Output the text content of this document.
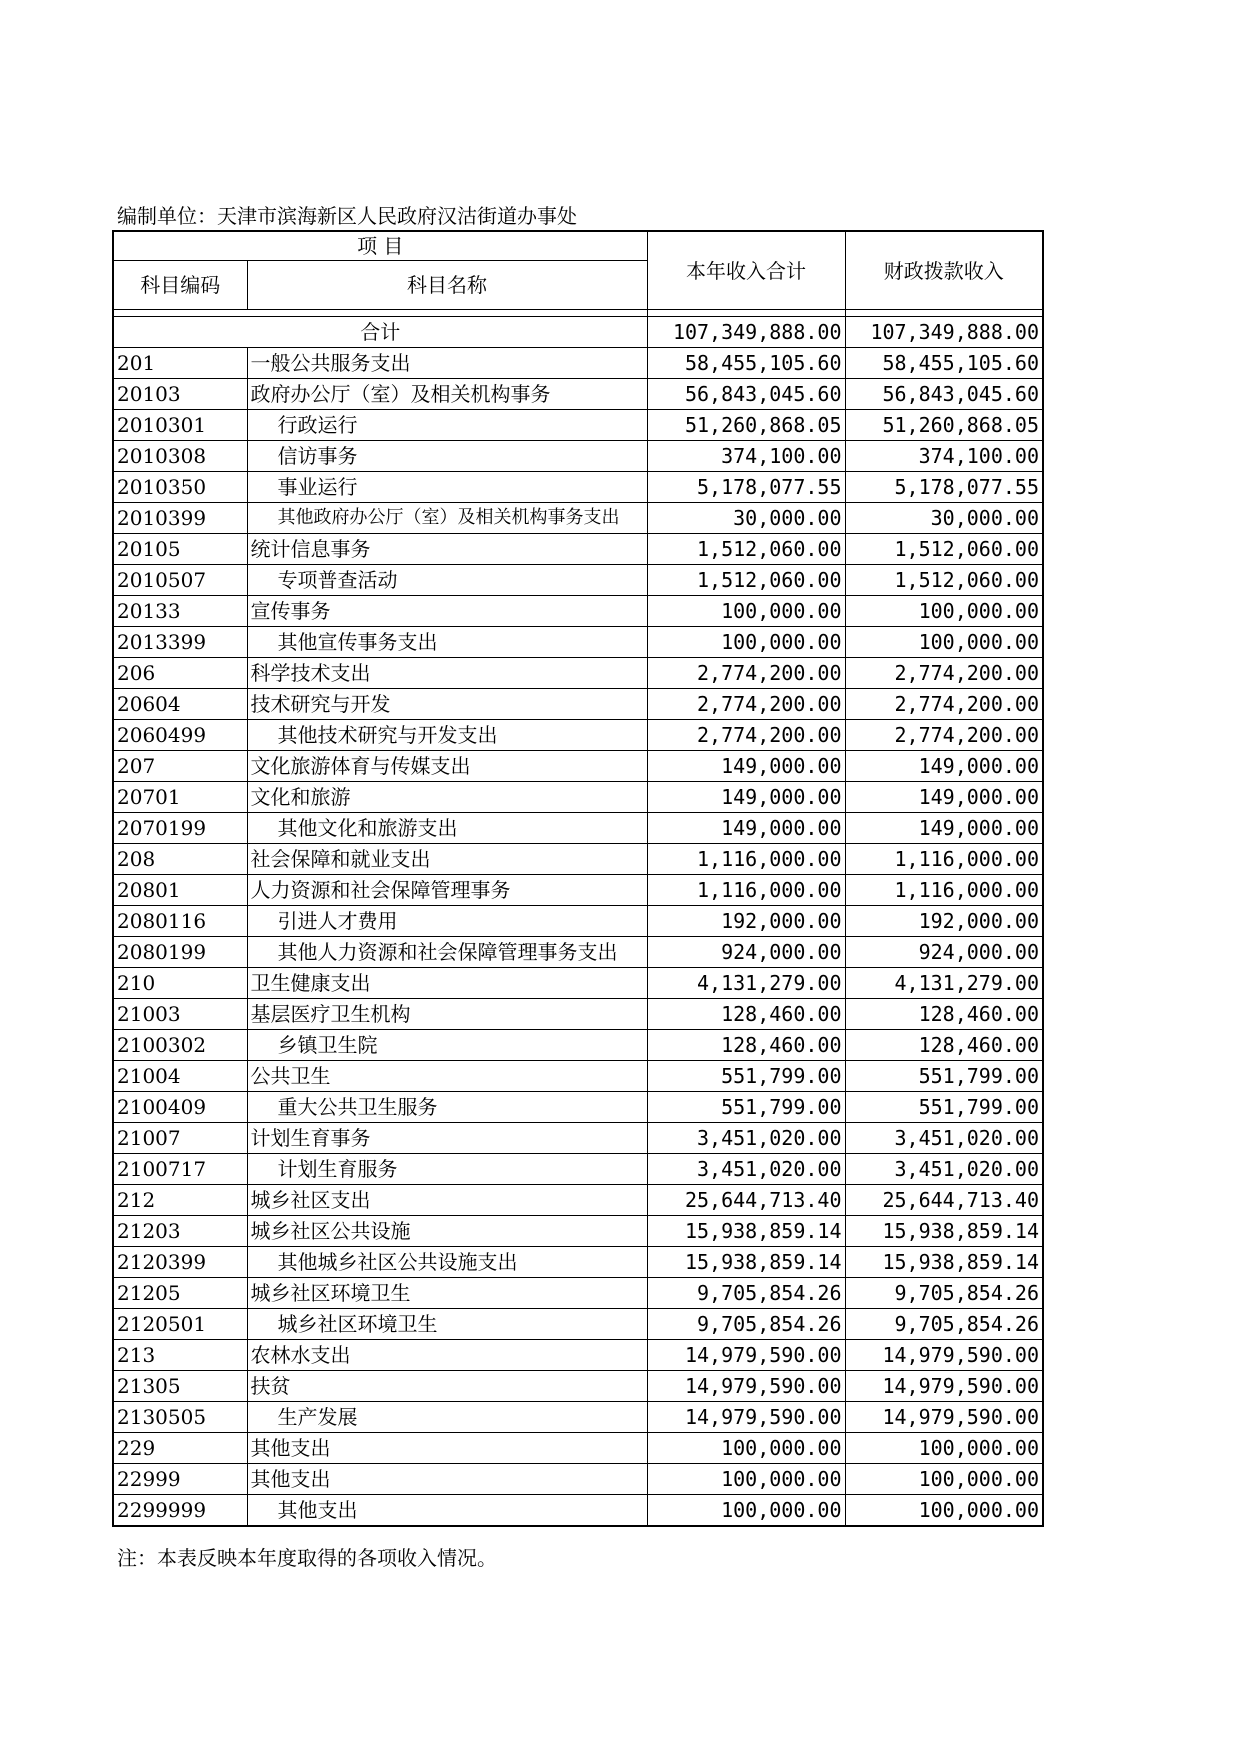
编制单位：天津市滨海新区人民政府汉沽街道办事处
项 目		本年收入合计	财政拨款收入
科目编码	科目名称		

合计		107,349,888.00	107,349,888.00
201	一般公共服务支出	58,455,105.60	58,455,105.60
20103	政府办公厅（室）及相关机构事务	56,843,045.60	56,843,045.60
2010301	行政运行	51,260,868.05	51,260,868.05
2010308	信访事务	374,100.00	374,100.00
2010350	事业运行	5,178,077.55	5,178,077.55
2010399	其他政府办公厅（室）及相关机构事务支出	30,000.00	30,000.00
20105	统计信息事务	1,512,060.00	1,512,060.00
2010507	专项普查活动	1,512,060.00	1,512,060.00
20133	宣传事务	100,000.00	100,000.00
2013399	其他宣传事务支出	100,000.00	100,000.00
206	科学技术支出	2,774,200.00	2,774,200.00
20604	技术研究与开发	2,774,200.00	2,774,200.00
2060499	其他技术研究与开发支出	2,774,200.00	2,774,200.00
207	文化旅游体育与传媒支出	149,000.00	149,000.00
20701	文化和旅游	149,000.00	149,000.00
2070199	其他文化和旅游支出	149,000.00	149,000.00
208	社会保障和就业支出	1,116,000.00	1,116,000.00
20801	人力资源和社会保障管理事务	1,116,000.00	1,116,000.00
2080116	引进人才费用	192,000.00	192,000.00
2080199	其他人力资源和社会保障管理事务支出	924,000.00	924,000.00
210	卫生健康支出	4,131,279.00	4,131,279.00
21003	基层医疗卫生机构	128,460.00	128,460.00
2100302	乡镇卫生院	128,460.00	128,460.00
21004	公共卫生	551,799.00	551,799.00
2100409	重大公共卫生服务	551,799.00	551,799.00
21007	计划生育事务	3,451,020.00	3,451,020.00
2100717	计划生育服务	3,451,020.00	3,451,020.00
212	城乡社区支出	25,644,713.40	25,644,713.40
21203	城乡社区公共设施	15,938,859.14	15,938,859.14
2120399	其他城乡社区公共设施支出	15,938,859.14	15,938,859.14
21205	城乡社区环境卫生	9,705,854.26	9,705,854.26
2120501	城乡社区环境卫生	9,705,854.26	9,705,854.26
213	农林水支出	14,979,590.00	14,979,590.00
21305	扶贫	14,979,590.00	14,979,590.00
2130505	生产发展	14,979,590.00	14,979,590.00
229	其他支出	100,000.00	100,000.00
22999	其他支出	100,000.00	100,000.00
2299999	其他支出	100,000.00	100,000.00
注：本表反映本年度取得的各项收入情况。
